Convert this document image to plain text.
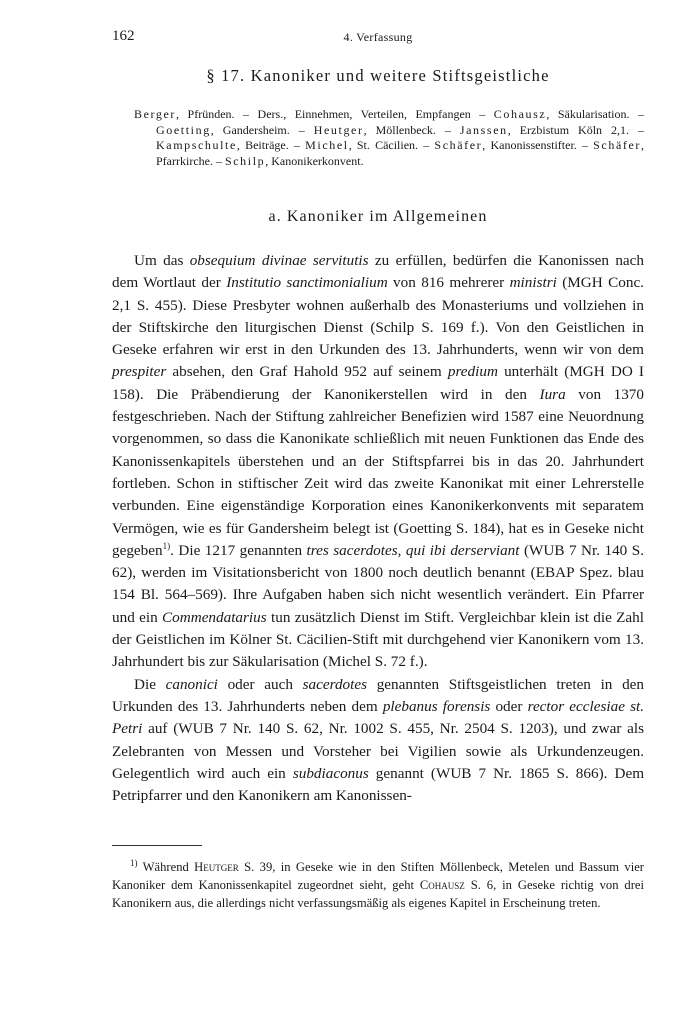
162	4. Verfassung
§ 17. Kanoniker und weitere Stiftsgeistliche

Berger, Pfründen. – Ders., Einnehmen, Verteilen, Empfangen – Cohausz, Säkularisation. – Goetting, Gandersheim. – Heutger, Möllenbeck. – Janssen, Erzbistum Köln 2,1. – Kampschulte, Beiträge. – Michel, St. Cäcilien. – Schäfer, Kanonissenstifter. – Schäfer, Pfarrkirche. – Schilp, Kanonikerkonvent.

a. Kanoniker im Allgemeinen

Um das obsequium divinae servitutis zu erfüllen, bedürfen die Kanonissen nach dem Wortlaut der Institutio sanctimonialium von 816 mehrerer ministri (MGH Conc. 2,1 S. 455). Diese Presbyter wohnen außerhalb des Monasteriums und vollziehen in der Stiftskirche den liturgischen Dienst (Schilp S. 169 f.). Von den Geistlichen in Geseke erfahren wir erst in den Urkunden des 13. Jahrhunderts, wenn wir von dem prespiter absehen, den Graf Hahold 952 auf seinem predium unterhält (MGH DO I 158). Die Präbendierung der Kanonikerstellen wird in den Iura von 1370 festgeschrieben. Nach der Stiftung zahlreicher Benefizien wird 1587 eine Neuordnung vorgenommen, so dass die Kanonikate schließlich mit neuen Funktionen das Ende des Kanonissenkapitels überstehen und an der Stiftspfarrei bis in das 20. Jahrhundert fortleben. Schon in stiftischer Zeit wird das zweite Kanonikat mit einer Lehrerstelle verbunden. Eine eigenständige Korporation eines Kanonikerkonvents mit separatem Vermögen, wie es für Gandersheim belegt ist (Goetting S. 184), hat es in Geseke nicht gegeben$^{1)}$. Die 1217 genannten tres sacerdotes, qui ibi derserviant (WUB 7 Nr. 140 S. 62), werden im Visitationsbericht von 1800 noch deutlich benannt (EBAP Spez. blau 154 Bl. 564–569). Ihre Aufgaben haben sich nicht wesentlich verändert. Ein Pfarrer und ein Commendatarius tun zusätzlich Dienst im Stift. Vergleichbar klein ist die Zahl der Geistlichen im Kölner St. Cäcilien-Stift mit durchgehend vier Kanonikern vom 13. Jahrhundert bis zur Säkularisation (Michel S. 72 f.).

Die canonici oder auch sacerdotes genannten Stiftsgeistlichen treten in den Urkunden des 13. Jahrhunderts neben dem plebanus forensis oder rector ecclesiae st. Petri auf (WUB 7 Nr. 140 S. 62, Nr. 1002 S. 455, Nr. 2504 S. 1203), und zwar als Zelebranten von Messen und Vorsteher bei Vigilien sowie als Urkundenzeugen. Gelegentlich wird auch ein subdiaconus genannt (WUB 7 Nr. 1865 S. 866). Dem Petripfarrer und den Kanonikern am Kanonissen-

$^{1)}$ Während Heutger S. 39, in Geseke wie in den Stiften Möllenbeck, Metelen und Bassum vier Kanoniker dem Kanonissenkapitel zugeordnet sieht, geht Cohausz S. 6, in Geseke richtig von drei Kanonikern aus, die allerdings nicht verfassungsmäßig als eigenes Kapitel in Erscheinung treten.
